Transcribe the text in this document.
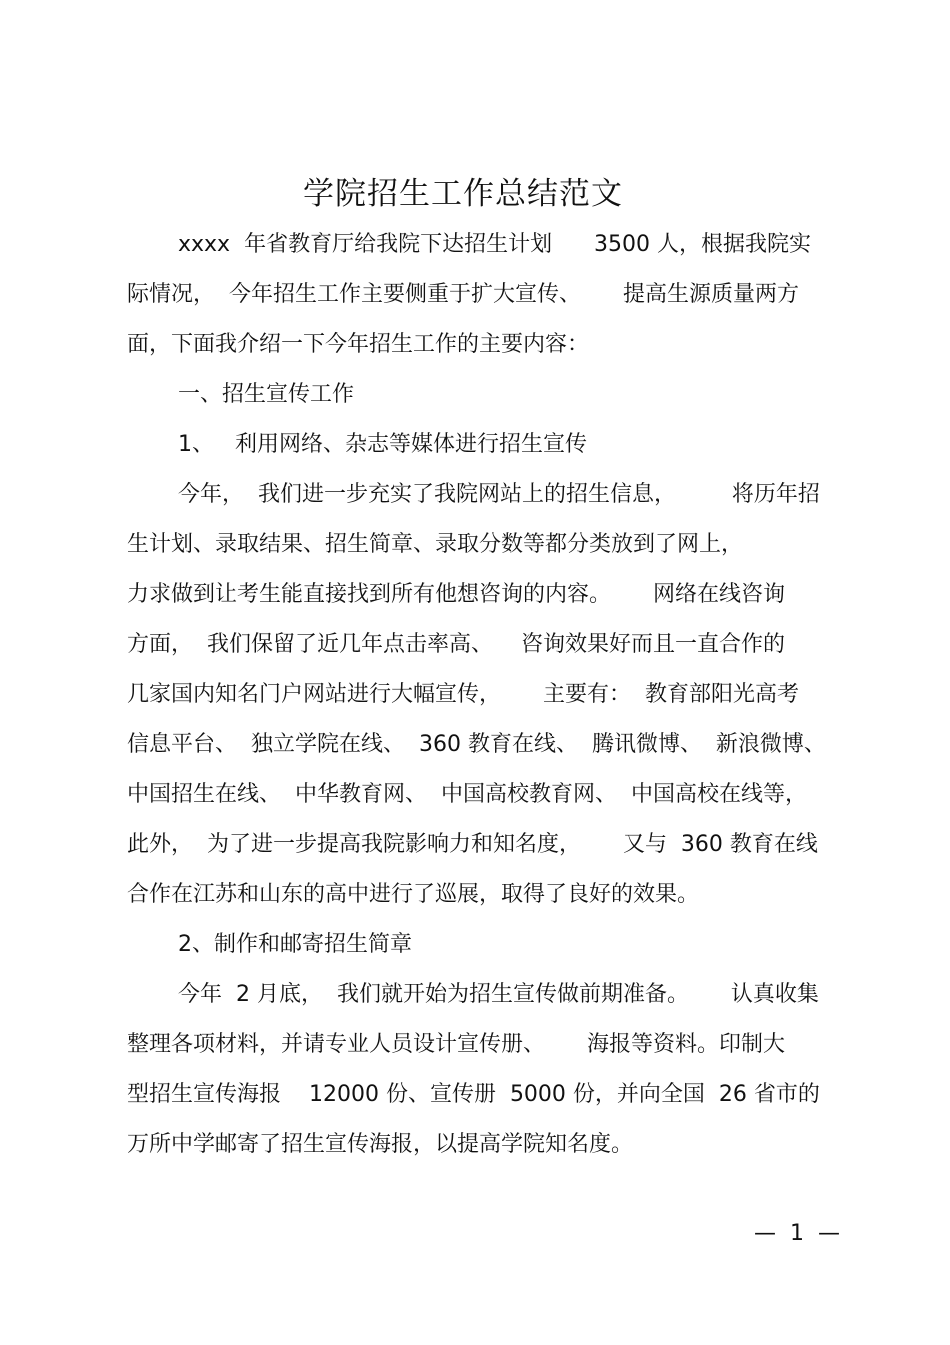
学院招生工作总结范文
xxxx  年省教育厅给我院下达招生计划      3500 人，根据我院实
际情况，  今年招生工作主要侧重于扩大宣传、      提高生源质量两方
面，下面我介绍一下今年招生工作的主要内容：
一、招生宣传工作
1、   利用网络、杂志等媒体进行招生宣传
今年，  我们进一步充实了我院网站上的招生信息，        将历年招
生计划、录取结果、招生简章、录取分数等都分类放到了网上，
力求做到让考生能直接找到所有他想咨询的内容。      网络在线咨询
方面，  我们保留了近几年点击率高、    咨询效果好而且一直合作的
几家国内知名门户网站进行大幅宣传，      主要有：  教育部阳光高考
信息平台、  独立学院在线、  360 教育在线、  腾讯微博、  新浪微博、
中国招生在线、  中华教育网、  中国高校教育网、  中国高校在线等，
此外，  为了进一步提高我院影响力和知名度，      又与  360 教育在线
合作在江苏和山东的高中进行了巡展，取得了良好的效果。
2、制作和邮寄招生简章
今年  2 月底，  我们就开始为招生宣传做前期准备。      认真收集
整理各项材料，并请专业人员设计宣传册、      海报等资料。印制大
型招生宣传海报    12000 份、宣传册  5000 份，并向全国  26 省市的
万所中学邮寄了招生宣传海报，以提高学院知名度。
—  1  —
